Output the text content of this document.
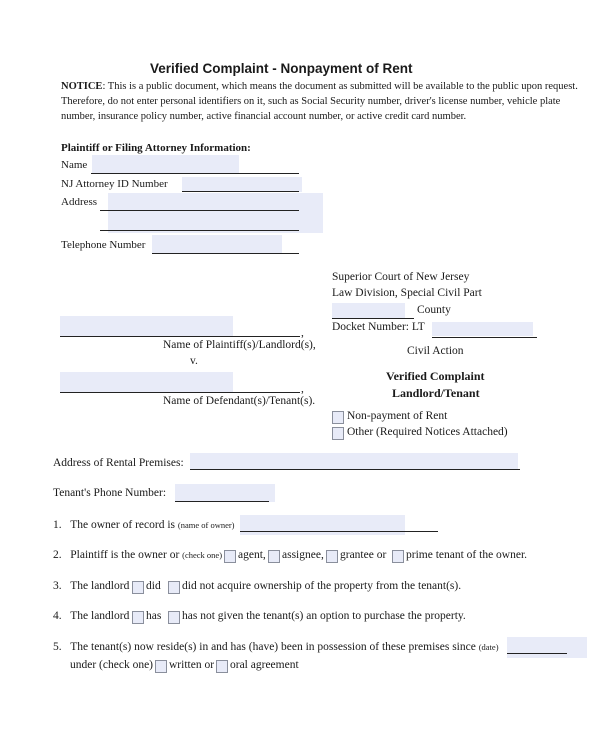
Verified Complaint - Nonpayment of Rent
NOTICE: This is a public document, which means the document as submitted will be available to the public upon request.
Therefore, do not enter personal identifiers on it, such as Social Security number, driver's license number, vehicle plate
number, insurance policy number, active financial account number, or active credit card number.
Plaintiff or Filing Attorney Information:
Name
NJ Attorney ID Number
Address
Telephone Number
Superior Court of New Jersey
Law Division, Special Civil Part
County
Docket Number: LT
Civil Action
Verified Complaint
Landlord/Tenant
Non-payment of Rent
Other (Required Notices Attached)
,
Name of Plaintiff(s)/Landlord(s),
v.
,
Name of Defendant(s)/Tenant(s).
Address of Rental Premises:
Tenant's Phone Number:
1. The owner of record is (name of owner)
2. Plaintiff is the owner or (check one) agent, assignee, grantee or prime tenant of the owner.
3. The landlord did did not acquire ownership of the property from the tenant(s).
4. The landlord has has not given the tenant(s) an option to purchase the property.
5. The tenant(s) now reside(s) in and has (have) been in possession of these premises since (date)
under (check one) written or oral agreement
